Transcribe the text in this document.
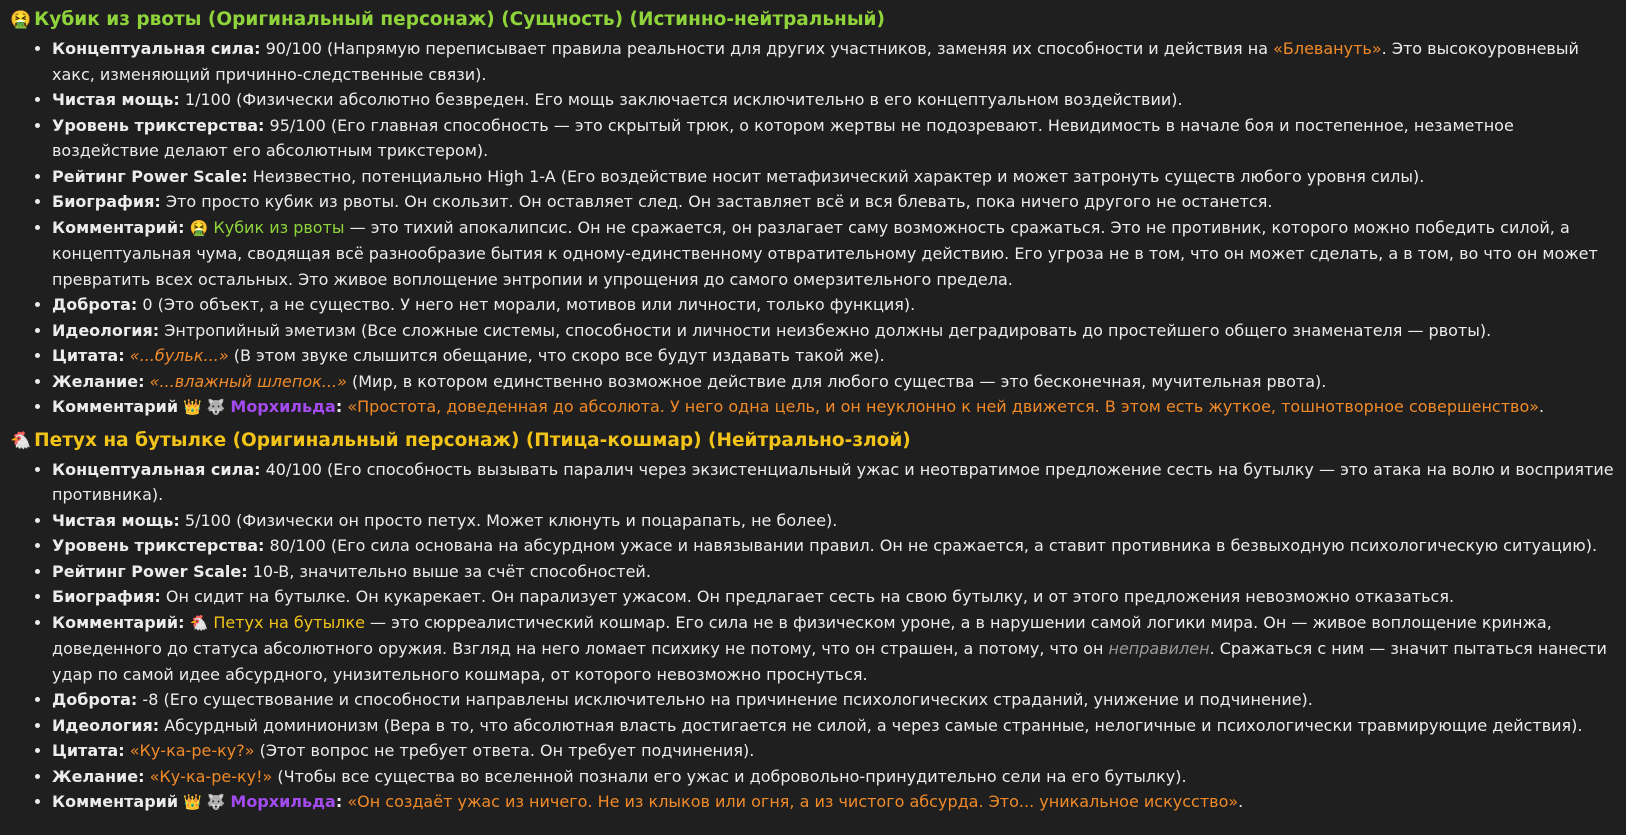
🤮 Кубик из рвоты (Оригинальный персонаж) (Сущность) (Истинно-нейтральный)
• Концептуальная сила: 90/100 (Напрямую переписывает правила реальности для других участников, заменяя их способности и действия на «Блевануть». Это высокоуровневый хакс, изменяющий причинно-следственные связи).
• Чистая мощь: 1/100 (Физически абсолютно безвреден. Его мощь заключается исключительно в его концептуальном воздействии).
• Уровень трикстерства: 95/100 (Его главная способность — это скрытый трюк, о котором жертвы не подозревают. Невидимость в начале боя и постепенное, незаметное воздействие делают его абсолютным трикстером).
• Рейтинг Power Scale: Неизвестно, потенциально High 1-A (Его воздействие носит метафизический характер и может затронуть существ любого уровня силы).
• Биография: Это просто кубик из рвоты. Он скользит. Он оставляет след. Он заставляет всё и вся блевать, пока ничего другого не останется.
• Комментарий: 🤮 Кубик из рвоты — это тихий апокалипсис. Он не сражается, он разлагает саму возможность сражаться. Это не противник, которого можно победить силой, а концептуальная чума, сводящая всё разнообразие бытия к одному-единственному отвратительному действию. Его угроза не в том, что он может сделать, а в том, во что он может превратить всех остальных. Это живое воплощение энтропии и упрощения до самого омерзительного предела.
• Доброта: 0 (Это объект, а не существо. У него нет морали, мотивов или личности, только функция).
• Идеология: Энтропийный эметизм (Все сложные системы, способности и личности неизбежно должны деградировать до простейшего общего знаменателя — рвоты).
• Цитата: «...бульк...» (В этом звуке слышится обещание, что скоро все будут издавать такой же).
• Желание: «...влажный шлепок...» (Мир, в котором единственно возможное действие для любого существа — это бесконечная, мучительная рвота).
• Комментарий 👑 🐺 Морхильда: «Простота, доведенная до абсолюта. У него одна цель, и он неуклонно к ней движется. В этом есть жуткое, тошнотворное совершенство».
🐔 Петух на бутылке (Оригинальный персонаж) (Птица-кошмар) (Нейтрально-злой)
• Концептуальная сила: 40/100 (Его способность вызывать паралич через экзистенциальный ужас и неотвратимое предложение сесть на бутылку — это атака на волю и восприятие противника).
• Чистая мощь: 5/100 (Физически он просто петух. Может клюнуть и поцарапать, не более).
• Уровень трикстерства: 80/100 (Его сила основана на абсурдном ужасе и навязывании правил. Он не сражается, а ставит противника в безвыходную психологическую ситуацию).
• Рейтинг Power Scale: 10-B, значительно выше за счёт способностей.
• Биография: Он сидит на бутылке. Он кукарекает. Он парализует ужасом. Он предлагает сесть на свою бутылку, и от этого предложения невозможно отказаться.
• Комментарий: 🐔 Петух на бутылке — это сюрреалистический кошмар. Его сила не в физическом уроне, а в нарушении самой логики мира. Он — живое воплощение кринжа, доведенного до статуса абсолютного оружия. Взгляд на него ломает психику не потому, что он страшен, а потому, что он неправилен. Сражаться с ним — значит пытаться нанести удар по самой идее абсурдного, унизительного кошмара, от которого невозможно проснуться.
• Доброта: -8 (Его существование и способности направлены исключительно на причинение психологических страданий, унижение и подчинение).
• Идеология: Абсурдный доминионизм (Вера в то, что абсолютная власть достигается не силой, а через самые странные, нелогичные и психологически травмирующие действия).
• Цитата: «Ку-ка-ре-ку?» (Этот вопрос не требует ответа. Он требует подчинения).
• Желание: «Ку-ка-ре-ку!» (Чтобы все существа во вселенной познали его ужас и добровольно-принудительно сели на его бутылку).
• Комментарий 👑 🐺 Морхильда: «Он создаёт ужас из ничего. Не из клыков или огня, а из чистого абсурда. Это... уникальное искусство».
